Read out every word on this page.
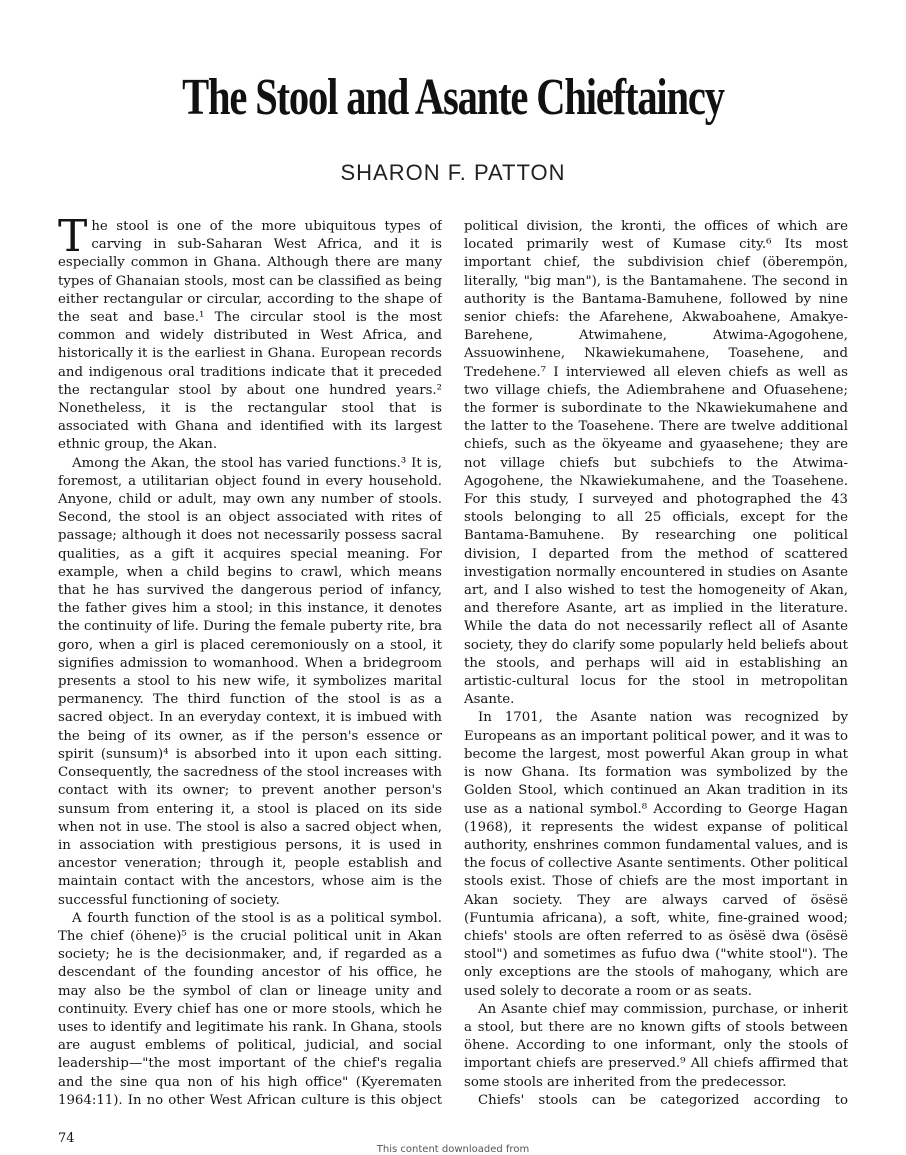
The Stool and Asante Chieftaincy
SHARON F. PATTON

The stool is one of the more ubiquitous types of carving in sub-Saharan West Africa, and it is especially common in Ghana. Although there are many types of Ghanaian stools, most can be classified as being either rectangular or circular, according to the shape of the seat and base.¹ The circular stool is the most common and widely distributed in West Africa, and historically it is the earliest in Ghana. European records and indigenous oral traditions indicate that it preceded the rectangular stool by about one hundred years.² Nonetheless, it is the rectangular stool that is associated with Ghana and identified with its largest ethnic group, the Akan.

Among the Akan, the stool has varied functions.³ It is, foremost, a utilitarian object found in every household. Anyone, child or adult, may own any number of stools. Second, the stool is an object associated with rites of passage; although it does not necessarily possess sacral qualities, as a gift it acquires special meaning. For example, when a child begins to crawl, which means that he has survived the dangerous period of infancy, the father gives him a stool; in this instance, it denotes the continuity of life. During the female puberty rite, bra goro, when a girl is placed ceremoniously on a stool, it signifies admission to womanhood. When a bridegroom presents a stool to his new wife, it symbolizes marital permanency. The third function of the stool is as a sacred object. In an everyday context, it is imbued with the being of its owner, as if the person's essence or spirit (sunsum)⁴ is absorbed into it upon each sitting. Consequently, the sacredness of the stool increases with contact with its owner; to prevent another person's sunsum from entering it, a stool is placed on its side when not in use. The stool is also a sacred object when, in association with prestigious persons, it is used in ancestor veneration; through it, people establish and maintain contact with the ancestors, whose aim is the successful functioning of society.

A fourth function of the stool is as a political symbol. The chief (öhene)⁵ is the crucial political unit in Akan society; he is the decisionmaker, and, if regarded as a descendant of the founding ancestor of his office, he may also be the symbol of clan or lineage unity and continuity. Every chief has one or more stools, which he uses to identify and legitimate his rank. In Ghana, stools are august emblems of political, judicial, and social leadership—"the most important of the chief's regalia and the sine qua non of his high office" (Kyerematen 1964:11). In no other West African culture is this object

political division, the kronti, the offices of which are located primarily west of Kumase city.⁶ Its most important chief, the subdivision chief (öberempön, literally, "big man"), is the Bantamahene. The second in authority is the Bantama-Bamuhene, followed by nine senior chiefs: the Afarehene, Akwaboahene, Amakye-Barehene, Atwimahene, Atwima-Agogohene, Assuowinhene, Nkawiekumahene, Toasehene, and Tredehene.⁷ I interviewed all eleven chiefs as well as two village chiefs, the Adiembrahene and Ofuasehene; the former is subordinate to the Nkawiekumahene and the latter to the Toasehene. There are twelve additional chiefs, such as the ökyeame and gyaasehene; they are not village chiefs but subchiefs to the Atwima-Agogohene, the Nkawiekumahene, and the Toasehene. For this study, I surveyed and photographed the 43 stools belonging to all 25 officials, except for the Bantama-Bamuhene. By researching one political division, I departed from the method of scattered investigation normally encountered in studies on Asante art, and I also wished to test the homogeneity of Akan, and therefore Asante, art as implied in the literature. While the data do not necessarily reflect all of Asante society, they do clarify some popularly held beliefs about the stools, and perhaps will aid in establishing an artistic-cultural locus for the stool in metropolitan Asante.

In 1701, the Asante nation was recognized by Europeans as an important political power, and it was to become the largest, most powerful Akan group in what is now Ghana. Its formation was symbolized by the Golden Stool, which continued an Akan tradition in its use as a national symbol.⁸ According to George Hagan (1968), it represents the widest expanse of political authority, enshrines common fundamental values, and is the focus of collective Asante sentiments. Other political stools exist. Those of chiefs are the most important in Akan society. They are always carved of ösësë (Funtumia africana), a soft, white, fine-grained wood; chiefs' stools are often referred to as ösësë dwa (ösësë stool") and sometimes as fufuo dwa ("white stool"). The only exceptions are the stools of mahogany, which are used solely to decorate a room or as seats.

An Asante chief may commission, purchase, or inherit a stool, but there are no known gifts of stools between öhene. According to one informant, only the stools of important chiefs are preserved.⁹ All chiefs affirmed that some stools are inherited from the predecessor.

Chiefs' stools can be categorized according to

74
This content downloaded from
